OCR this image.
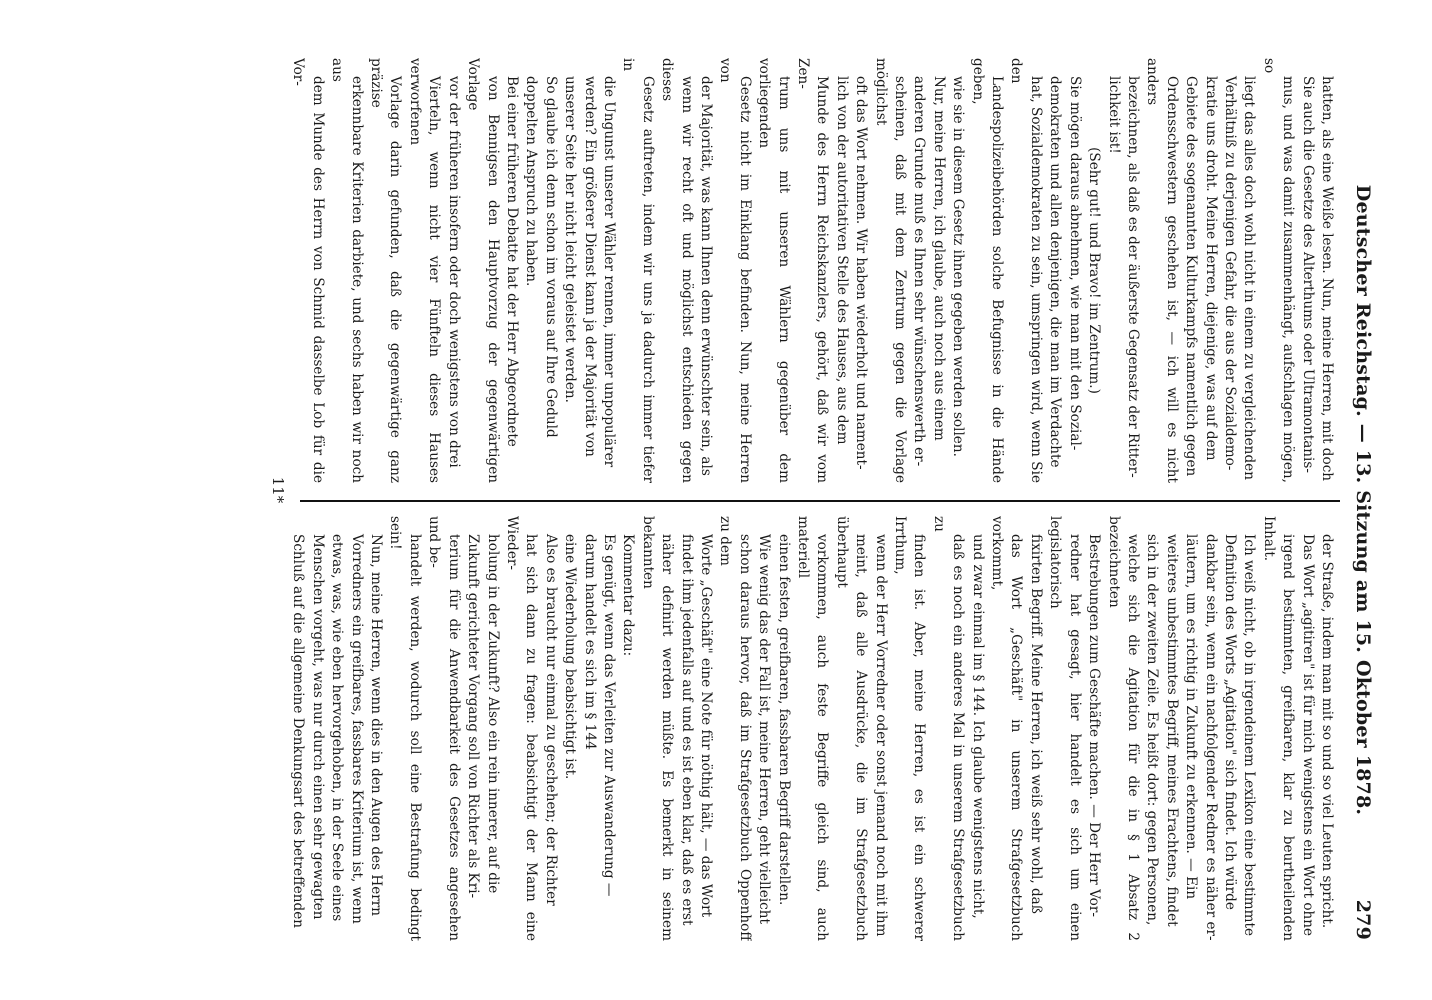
Deutscher Reichstag. — 13. Sitzung am 15. Oktober 1878.
279

hatten, als eine Weiße lesen. Nun, meine Herren, mit doch

Sie auch die Gesetze des Alterthums oder Ultramontanis-

mus, und was damit zusammenhängt, aufschlagen mögen, so

liegt das alles doch wohl nicht in einem zu vergleichenden

Verhältniß zu derjenigen Gefahr, die aus der Sozialdemo-

kratie uns droht. Meine Herren, diejenige, was auf dem

Gebiete des sogenannten Kulturkampfs namentlich gegen

Ordensschwestern geschehen ist, — ich will es nicht anders

bezeichnen, als daß es der äußerste Gegensatz der Ritter-

lichkeit ist!

(Sehr gut! und Bravo! im Zentrum.)

Sie mögen daraus abnehmen, wie man mit den Sozial-

demokraten und allen denjenigen, die man im Verdachte

hat, Sozialdemokraten zu sein, umspringen wird, wenn Sie den

Landespolizeibehörden solche Befugnisse in die Hände geben,

wie sie in diesem Gesetz ihnen gegeben werden sollen.

Nur, meine Herren, ich glaube, auch noch aus einem

anderen Grunde muß es Ihnen sehr wünschenswerth er-

scheinen, daß mit dem Zentrum gegen die Vorlage möglichst

oft das Wort nehmen. Wir haben wiederholt und nament-

lich von der autoritativen Stelle des Hauses, aus dem

Munde des Herrn Reichskanzlers, gehört, daß wir vom Zen-

trum uns mit unseren Wählern gegenüber dem vorliegenden

Gesetz nicht im Einklang befinden. Nun, meine Herren von

der Majorität, was kann Ihnen denn erwünschter sein, als

wenn wir recht oft und möglichst entschieden gegen dieses

Gesetz auftreten, indem wir uns ja dadurch immer tiefer in

die Ungunst unserer Wähler rennen, immer unpopulärer

werden? Ein größerer Dienst kann ja der Majorität von

unserer Seite her nicht leicht geleistet werden.

So glaube ich denn schon im voraus auf Ihre Geduld

doppelten Anspruch zu haben.

Bei einer früheren Debatte hat der Herr Abgeordnete

von Bennigsen den Hauptvorzug der gegenwärtigen Vorlage

vor der früheren insofern oder doch wenigstens von drei

Vierteln, wenn nicht vier Fünfteln dieses Hauses verworfenen

Vorlage darin gefunden, daß die gegenwärtige ganz präzise

erkennbare Kriterien darbiete, und sechs haben wir noch aus

dem Munde des Herrn von Schmid dasselbe Lob für die Vor-

der Straße, indem man mit so und so viel Leuten spricht.

Das Wort „agitiren" ist für mich wenigstens ein Wort ohne

irgend bestimmten, greifbaren, klar zu beurtheilenden Inhalt.

Ich weiß nicht, ob in irgendeinem Lexikon eine bestimmte

Definition des Worts „Agitation" sich findet. Ich würde

dankbar sein, wenn ein nachfolgender Redner es näher er-

läutern, um es richtig in Zukunft zu erkennen. — Ein

weiteres unbestimmtes Begriff, meines Erachtens, findet

sich in der zweiten Zeile. Es heißt dort: gegen Personen,

welche sich die Agitation für die in § 1 Absatz 2 bezeichneten

Bestrebungen zum Geschäfte machen. — Der Herr Vor-

redner hat gesagt, hier handelt es sich um einen legislatorisch

fixirten Begriff. Meine Herren, ich weiß sehr wohl, daß

das Wort „Geschäft" in unserem Strafgesetzbuch vorkommt,

und zwar einmal im § 144. Ich glaube wenigstens nicht,

daß es noch ein anderes Mal in unserem Strafgesetzbuch zu

finden ist. Aber, meine Herren, es ist ein schwerer Irrthum,

wenn der Herr Vorredner oder sonst jemand noch mit ihm

meint, daß alle Ausdrücke, die im Strafgesetzbuch überhaupt

vorkommen, auch feste Begriffe gleich sind, auch materiell

einen festen, greifbaren, fassbaren Begriff darstellen.

Wie wenig das der Fall ist, meine Herren, geht vielleicht

schon daraus hervor, daß im Strafgesetzbuch Oppenhoff zu dem

Worte „Geschäft" eine Note für nöthig hält, — das Wort

findet ihm jedenfalls auf und es ist eben klar, daß es erst

näher definirt werden müßte. Es bemerkt in seinem bekannten

Kommentar dazu:

Es genügt, wenn das Verleiten zur Auswanderung —

darum handelt es sich im § 144

eine Wiederholung beabsichtigt ist.

Also es braucht nur einmal zu geschehen; der Richter

hat sich dann zu fragen: beabsichtigt der Mann eine Wieder-

holung in der Zukunft? Also ein rein innerer, auf die

Zukunft gerichteter Vorgang soll von Richter als Kri-

terium für die Anwendbarkeit des Gesetzes angesehen und be-

handelt werden, wodurch soll eine Bestrafung bedingt sein!

Nun, meine Herren, wenn dies in den Augen des Herrn

Vorredners ein greifbares, fassbares Kriterium ist, wenn

etwas, was, wie eben hervorgehoben, in der Seele eines

Menschen vorgeht, was nur durch einen sehr gewagten

Schluß auf die allgemeine Denkungsart des betreffenden

11*
